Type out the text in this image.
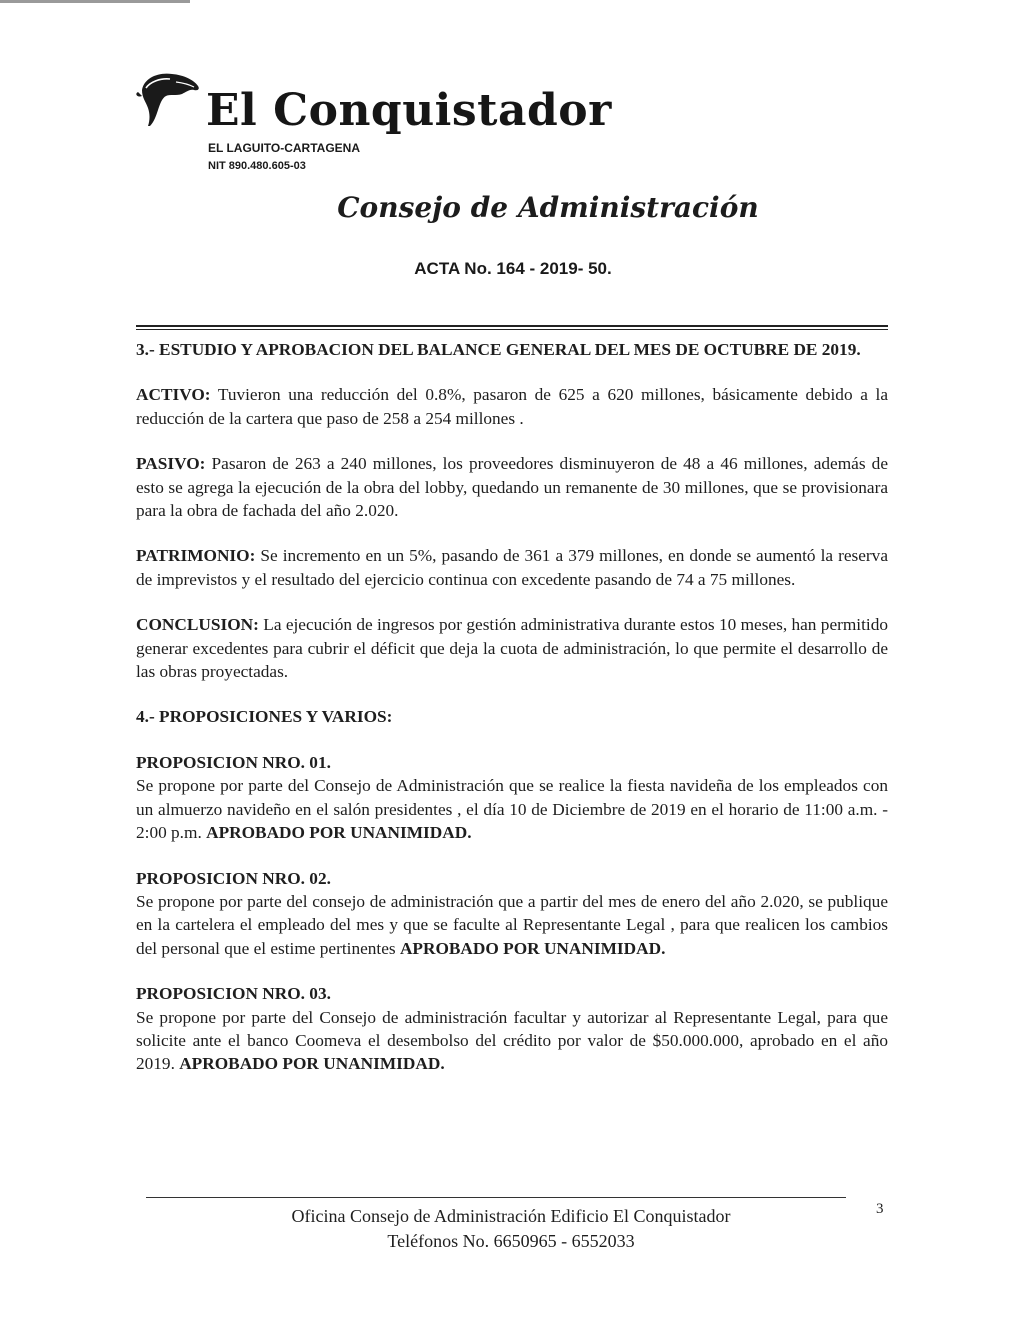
El Conquistador
EL LAGUITO-CARTAGENA
NIT 890.480.605-03
Consejo de Administración
ACTA No. 164 - 2019- 50.

3.- ESTUDIO Y APROBACION DEL BALANCE GENERAL DEL MES DE OCTUBRE DE 2019.

ACTIVO: Tuvieron una reducción del 0.8%, pasaron de 625 a 620 millones, básicamente debido a la reducción de la cartera que paso de 258 a 254 millones .

PASIVO: Pasaron de 263 a 240 millones, los proveedores disminuyeron de 48 a 46 millones, además de esto se agrega la ejecución de la obra del lobby, quedando un remanente de 30 millones, que se provisionara para la obra de fachada del año 2.020.

PATRIMONIO: Se incremento en un 5%, pasando de 361 a 379 millones, en donde se aumentó la reserva de imprevistos y el resultado del ejercicio continua con excedente pasando de 74 a 75 millones.

CONCLUSION: La ejecución de ingresos por gestión administrativa durante estos 10 meses, han permitido generar excedentes para cubrir el déficit que deja la cuota de administración, lo que permite el desarrollo de las obras proyectadas.

4.- PROPOSICIONES Y VARIOS:

PROPOSICION NRO. 01.

Se propone por parte del Consejo de Administración que se realice la fiesta navideña de los empleados con un almuerzo navideño en el salón presidentes , el día 10 de Diciembre de 2019 en el horario de 11:00 a.m. - 2:00 p.m. APROBADO POR UNANIMIDAD.

PROPOSICION NRO. 02.

Se propone por parte del consejo de administración que a partir del mes de enero del año 2.020, se publique en la cartelera el empleado del mes y que se faculte al Representante Legal , para que realicen los cambios del personal que el estime pertinentes APROBADO POR UNANIMIDAD.

PROPOSICION NRO. 03.

Se propone por parte del Consejo de administración facultar y autorizar al Representante Legal, para que solicite ante el banco Coomeva el desembolso del crédito por valor de $50.000.000, aprobado en el año 2019. APROBADO POR UNANIMIDAD.

Oficina Consejo de Administración Edificio El Conquistador
Teléfonos No. 6650965 - 6552033
3
